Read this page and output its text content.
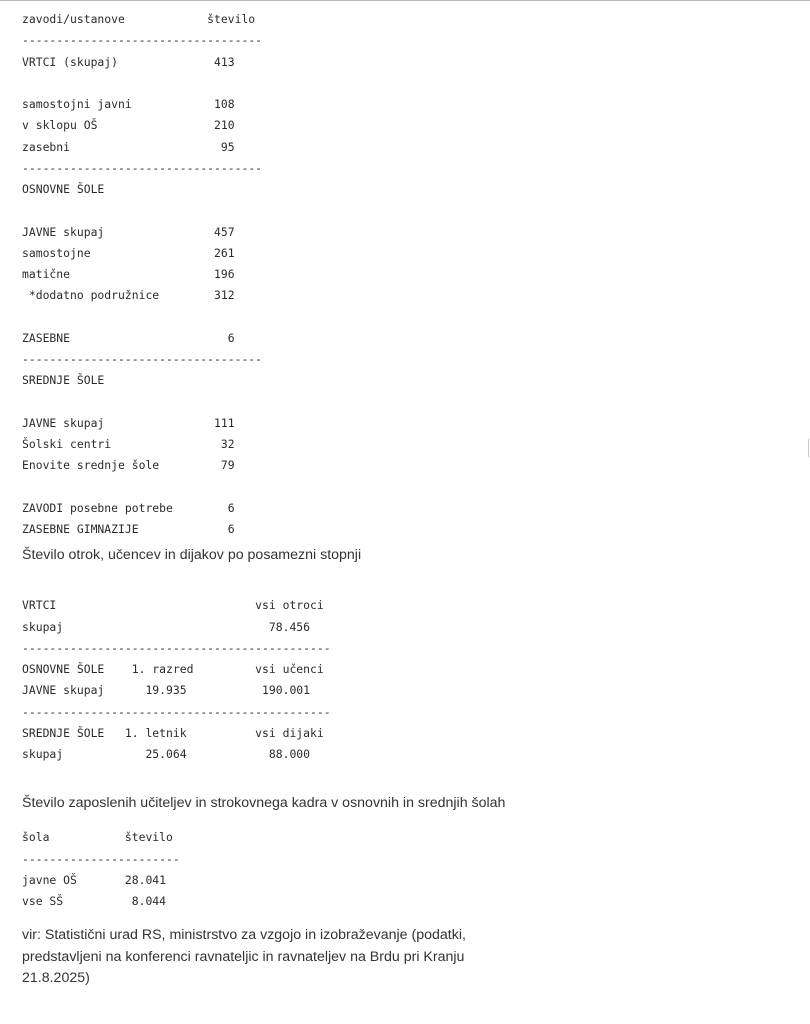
zavodi/ustanove            število
-----------------------------------
VRTCI (skupaj)              413

samostojni javni            108
v sklopu OŠ                 210
zasebni                      95
-----------------------------------
OSNOVNE ŠOLE

JAVNE skupaj                457
samostojne                  261
matične                     196
*dodatno podružnice        312

ZASEBNE                       6
-----------------------------------
SREDNJE ŠOLE

JAVNE skupaj                111
Šolski centri                32
Enovite srednje šole         79

ZAVODI posebne potrebe        6
ZASEBNE GIMNAZIJE             6

Število otrok, učencev in dijakov po posamezni stopnji

VRTCI                             vsi otroci
skupaj                              78.456
---------------------------------------------
OSNOVNE ŠOLE    1. razred         vsi učenci
JAVNE skupaj      19.935           190.001
---------------------------------------------
SREDNJE ŠOLE   1. letnik          vsi dijaki
skupaj            25.064            88.000

Število zaposlenih učiteljev in strokovnega kadra v osnovnih in srednjih šolah

šola           število
-----------------------
javne OŠ       28.041
vse SŠ          8.044

vir: Statistični urad RS, ministrstvo za vzgojo in izobraževanje (podatki, predstavljeni na konferenci ravnateljic in ravnateljev na Brdu pri Kranju 21.8.2025)
